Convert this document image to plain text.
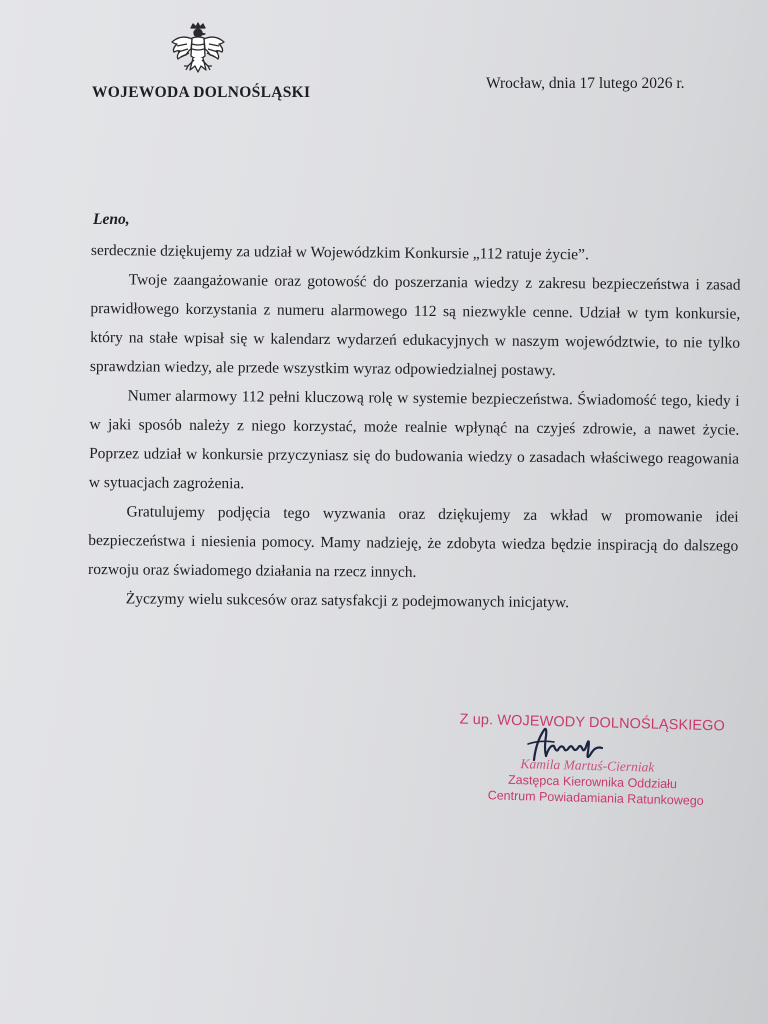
WOJEWODA DOLNOŚLĄSKI

Wrocław, dnia 17 lutego 2026 r.

Leno,

serdecznie dziękujemy za udział w Wojewódzkim Konkursie „112 ratuje życie”.

Twoje zaangażowanie oraz gotowość do poszerzania wiedzy z zakresu bezpieczeństwa i zasad prawidłowego korzystania z numeru alarmowego 112 są niezwykle cenne. Udział w tym konkursie, który na stałe wpisał się w kalendarz wydarzeń edukacyjnych w naszym województwie, to nie tylko sprawdzian wiedzy, ale przede wszystkim wyraz odpowiedzialnej postawy.

Numer alarmowy 112 pełni kluczową rolę w systemie bezpieczeństwa. Świadomość tego, kiedy i w jaki sposób należy z niego korzystać, może realnie wpłynąć na czyjeś zdrowie, a nawet życie. Poprzez udział w konkursie przyczyniasz się do budowania wiedzy o zasadach właściwego reagowania w sytuacjach zagrożenia.

Gratulujemy podjęcia tego wyzwania oraz dziękujemy za wkład w promowanie idei bezpieczeństwa i niesienia pomocy. Mamy nadzieję, że zdobyta wiedza będzie inspiracją do dalszego rozwoju oraz świadomego działania na rzecz innych.

Życzymy wielu sukcesów oraz satysfakcji z podejmowanych inicjatyw.

Z up. WOJEWODY DOLNOŚLĄSKIEGO

Kamila Martuś-Cierniak

Zastępca Kierownika Oddziału

Centrum Powiadamiania Ratunkowego
